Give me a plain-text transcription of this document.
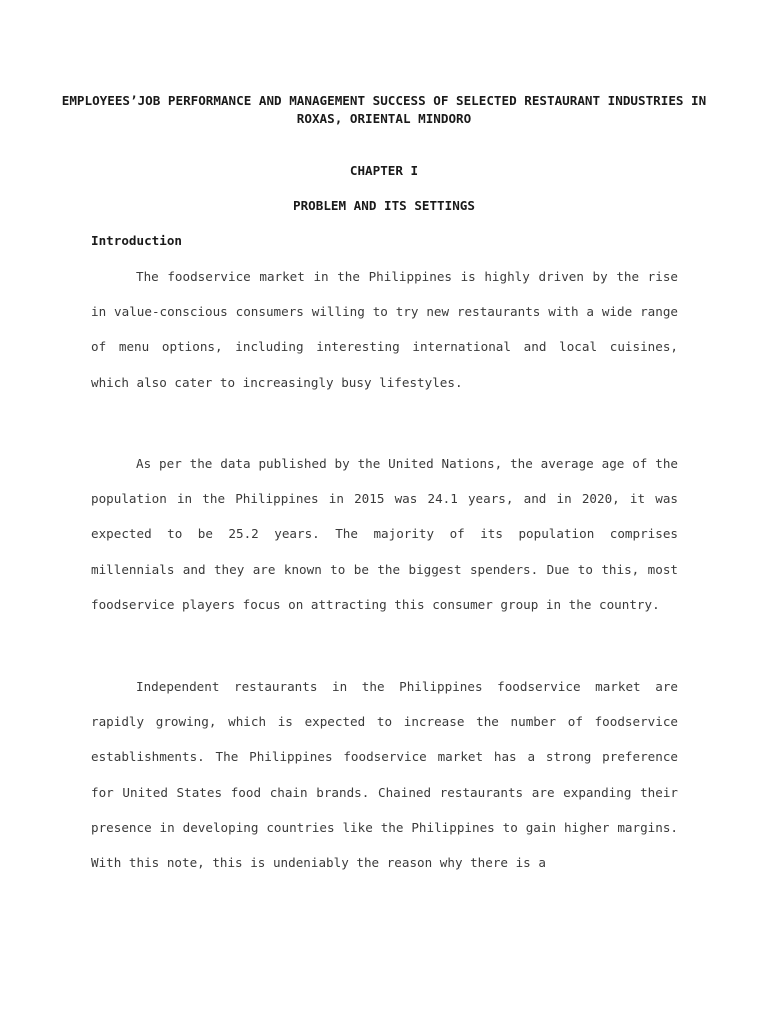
EMPLOYEES’JOB PERFORMANCE AND MANAGEMENT SUCCESS OF SELECTED RESTAURANT INDUSTRIES IN ROXAS, ORIENTAL MINDORO
CHAPTER I
PROBLEM AND ITS SETTINGS
Introduction

The foodservice market in the Philippines is highly driven by the rise in value-conscious consumers willing to try new restaurants with a wide range of menu options, including interesting international and local cuisines, which also cater to increasingly busy lifestyles.

As per the data published by the United Nations, the average age of the population in the Philippines in 2015 was 24.1 years, and in 2020, it was expected to be 25.2 years. The majority of its population comprises millennials and they are known to be the biggest spenders. Due to this, most foodservice players focus on attracting this consumer group in the country.

Independent restaurants in the Philippines foodservice market are rapidly growing, which is expected to increase the number of foodservice establishments. The Philippines foodservice market has a strong preference for United States food chain brands. Chained restaurants are expanding their presence in developing countries like the Philippines to gain higher margins. With this note, this is undeniably the reason why there is a
